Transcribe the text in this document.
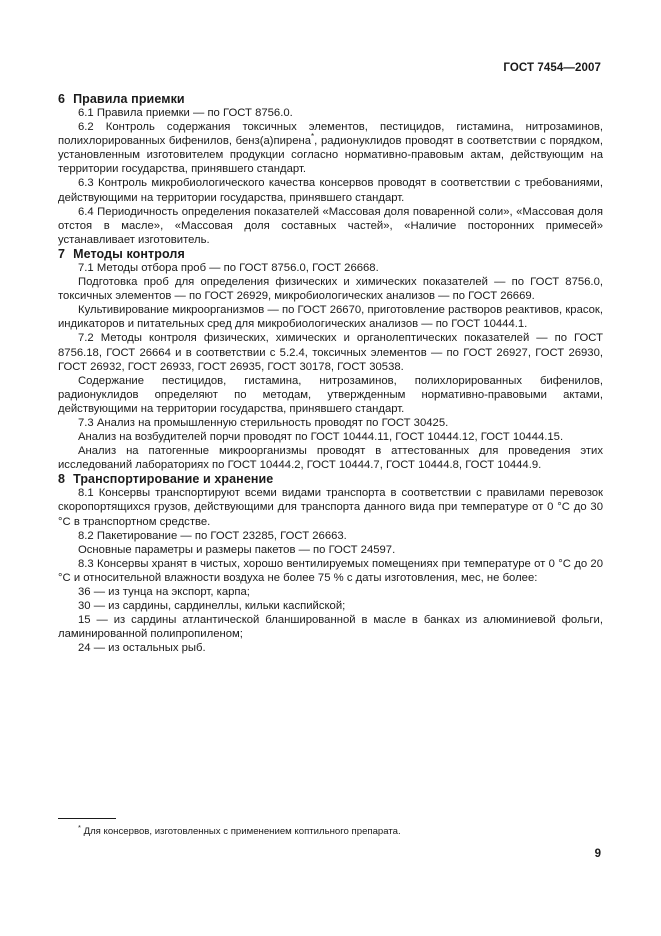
ГОСТ 7454—2007
6 Правила приемки

6.1 Правила приемки — по ГОСТ 8756.0.

6.2 Контроль содержания токсичных элементов, пестицидов, гистамина, нитрозаминов, полихлорированных бифенилов, бенз(а)пирена*, радионуклидов проводят в соответствии с порядком, установленным изготовителем продукции согласно нормативно-правовым актам, действующим на территории государства, принявшего стандарт.

6.3 Контроль микробиологического качества консервов проводят в соответствии с требованиями, действующими на территории государства, принявшего стандарт.

6.4 Периодичность определения показателей «Массовая доля поваренной соли», «Массовая доля отстоя в масле», «Массовая доля составных частей», «Наличие посторонних примесей» устанавливает изготовитель.

7 Методы контроля

7.1 Методы отбора проб — по ГОСТ 8756.0, ГОСТ 26668.

Подготовка проб для определения физических и химических показателей — по ГОСТ 8756.0, токсичных элементов — по ГОСТ 26929, микробиологических анализов — по ГОСТ 26669.

Культивирование микроорганизмов — по ГОСТ 26670, приготовление растворов реактивов, красок, индикаторов и питательных сред для микробиологических анализов — по ГОСТ 10444.1.

7.2 Методы контроля физических, химических и органолептических показателей — по ГОСТ 8756.18, ГОСТ 26664 и в соответствии с 5.2.4, токсичных элементов — по ГОСТ 26927, ГОСТ 26930, ГОСТ 26932, ГОСТ 26933, ГОСТ 26935, ГОСТ 30178, ГОСТ 30538.

Содержание пестицидов, гистамина, нитрозаминов, полихлорированных бифенилов, радионуклидов определяют по методам, утвержденным нормативно-правовыми актами, действующими на территории государства, принявшего стандарт.

7.3 Анализ на промышленную стерильность проводят по ГОСТ 30425.

Анализ на возбудителей порчи проводят по ГОСТ 10444.11, ГОСТ 10444.12, ГОСТ 10444.15.

Анализ на патогенные микроорганизмы проводят в аттестованных для проведения этих исследований лабораториях по ГОСТ 10444.2, ГОСТ 10444.7, ГОСТ 10444.8, ГОСТ 10444.9.

8 Транспортирование и хранение

8.1 Консервы транспортируют всеми видами транспорта в соответствии с правилами перевозок скоропортящихся грузов, действующими для транспорта данного вида при температуре от 0 °C до 30 °C в транспортном средстве.

8.2 Пакетирование — по ГОСТ 23285, ГОСТ 26663.

Основные параметры и размеры пакетов — по ГОСТ 24597.

8.3 Консервы хранят в чистых, хорошо вентилируемых помещениях при температуре от 0 °С до 20 °С и относительной влажности воздуха не более 75 % с даты изготовления, мес, не более:

36 — из тунца на экспорт, карпа;

30 — из сардины, сардинеллы, кильки каспийской;

15 — из сардины атлантической бланшированной в масле в банках из алюминиевой фольги, ламинированной полипропиленом;

24 — из остальных рыб.

* Для консервов, изготовленных с применением коптильного препарата.

9
